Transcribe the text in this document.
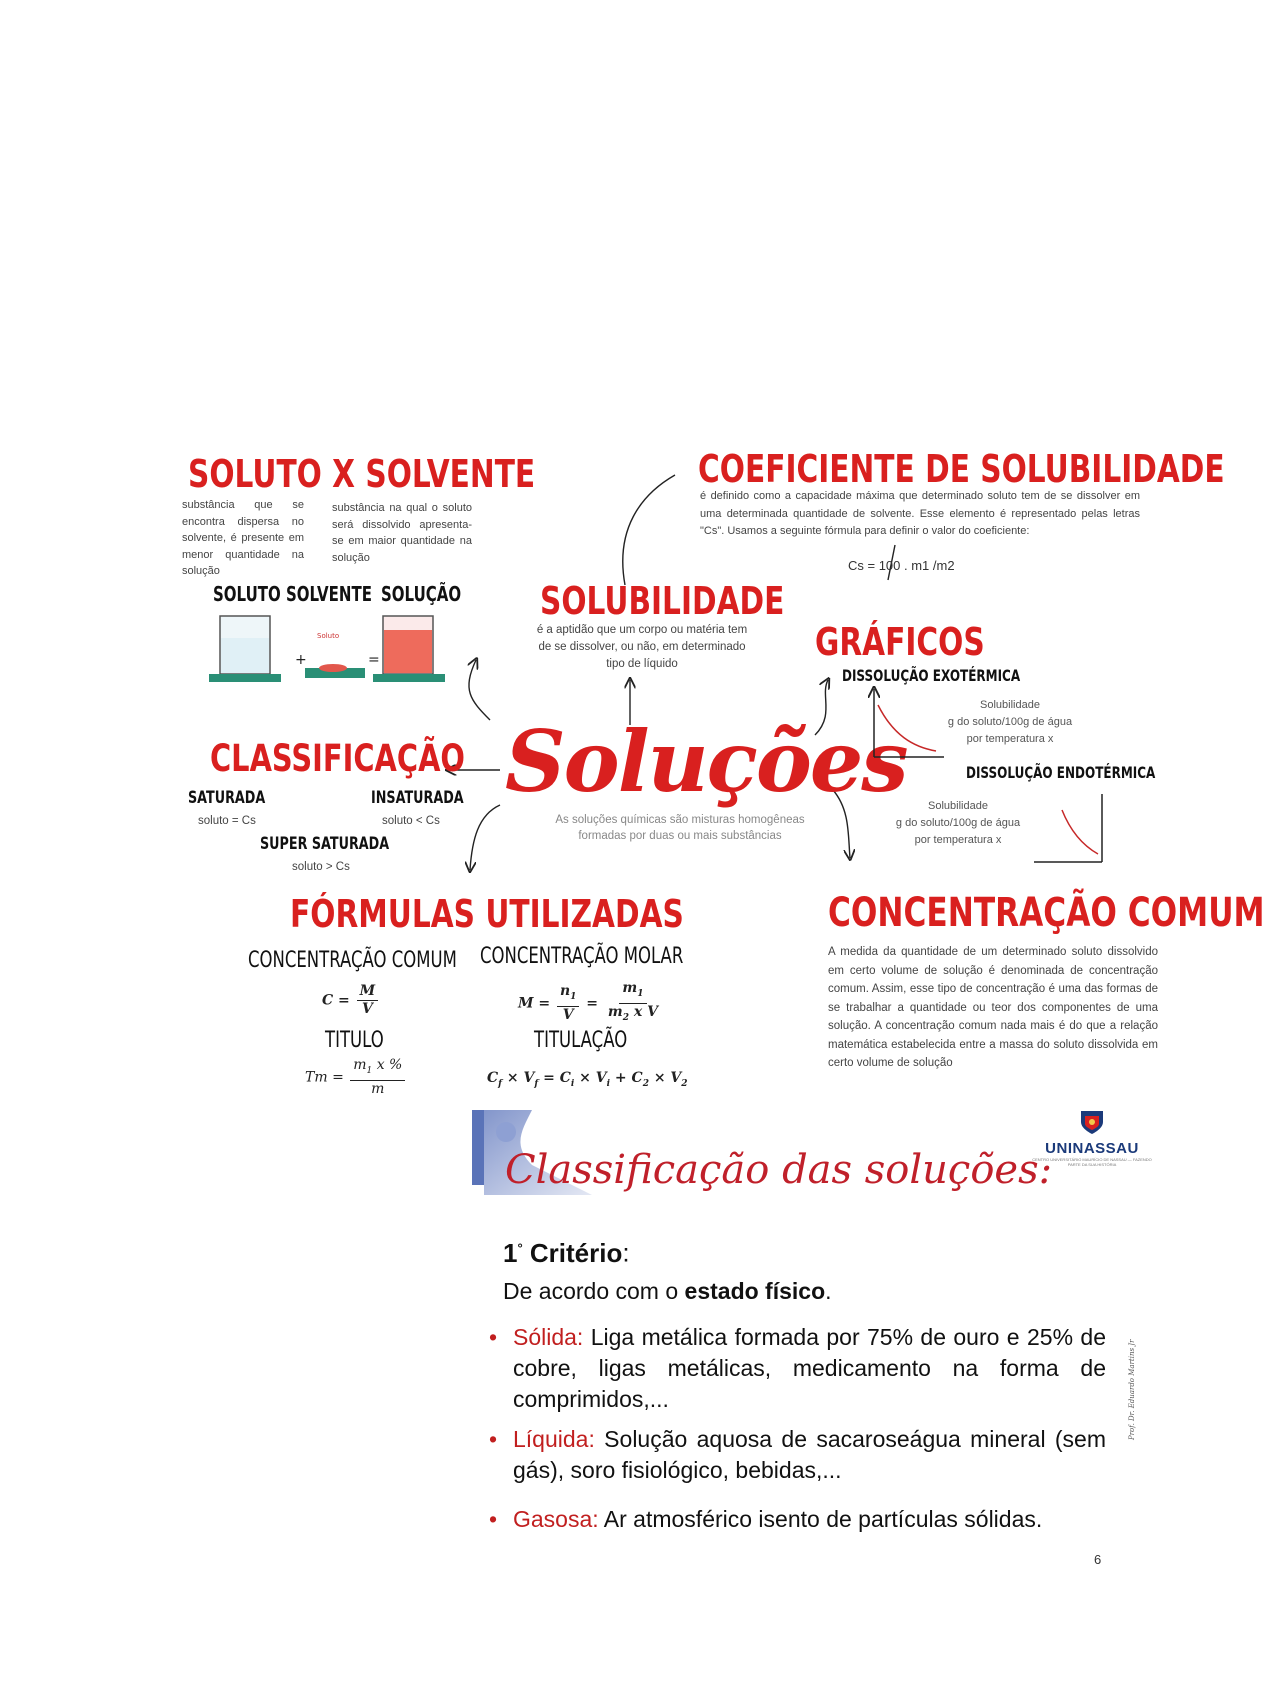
SOLUTO X SOLVENTE
substância que se encontra dispersa no solvente, é presente em menor quantidade na solução
substância na qual o soluto será dissolvido apresenta-se em maior quantidade na solução
SOLUTO SOLVENTE SOLUÇÃO
+
Soluto
=
CLASSIFICAÇÃO
SATURADA
soluto = Cs
INSATURADA
soluto < Cs
SUPER SATURADA
soluto > Cs
Soluções
As soluções químicas são misturas homogêneas formadas por duas ou mais substâncias
SOLUBILIDADE
é a aptidão que um corpo ou matéria tem de se dissolver, ou não, em determinado tipo de líquido
COEFICIENTE DE SOLUBILIDADE
é definido como a capacidade máxima que determinado soluto tem de se dissolver em uma determinada quantidade de solvente. Esse elemento é representado pelas letras "Cs". Usamos a seguinte fórmula para definir o valor do coeficiente:
Cs = 100 . m1 /m2
GRÁFICOS
DISSOLUÇÃO EXOTÉRMICA
Solubilidade
g do soluto/100g de água
por temperatura x
DISSOLUÇÃO ENDOTÉRMICA
Solubilidade
g do soluto/100g de água
por temperatura x
FÓRMULAS UTILIZADAS
CONCENTRAÇÃO COMUM CONCENTRAÇÃO MOLAR
$C = \frac{M}{V}$	$M = \frac{n_1}{V} = \frac{m_1}{m_2 x V}$
TITULO	TITULAÇÃO
$Tm = \frac{m_1 x \%}{m}$	$C_f \times V_f = C_i \times V_i + C_2 \times V_2$
CONCENTRAÇÃO COMUM
A medida da quantidade de um determinado soluto dissolvido em certo volume de solução é denominada de concentração comum. Assim, esse tipo de concentração é uma das formas de se trabalhar a quantidade ou teor dos componentes de uma solução. A concentração comum nada mais é do que a relação matemática estabelecida entre a massa do soluto dissolvida em certo volume de solução
Classificação das soluções:
UNINASSAU
CENTRO UNIVERSITÁRIO MAURÍCIO DE NASSAU — FAZENDO PARTE DA SUA HISTÓRIA
Prof. Dr. Eduardo Martins Jr
1° Critério:
De acordo com o estado físico.
• Sólida: Liga metálica formada por 75% de ouro e 25% de cobre, ligas metálicas, medicamento na forma de comprimidos,...
• Líquida: Solução aquosa de sacaroseágua mineral (sem gás), soro fisiológico, bebidas,...
• Gasosa: Ar atmosférico isento de partículas sólidas.
6
